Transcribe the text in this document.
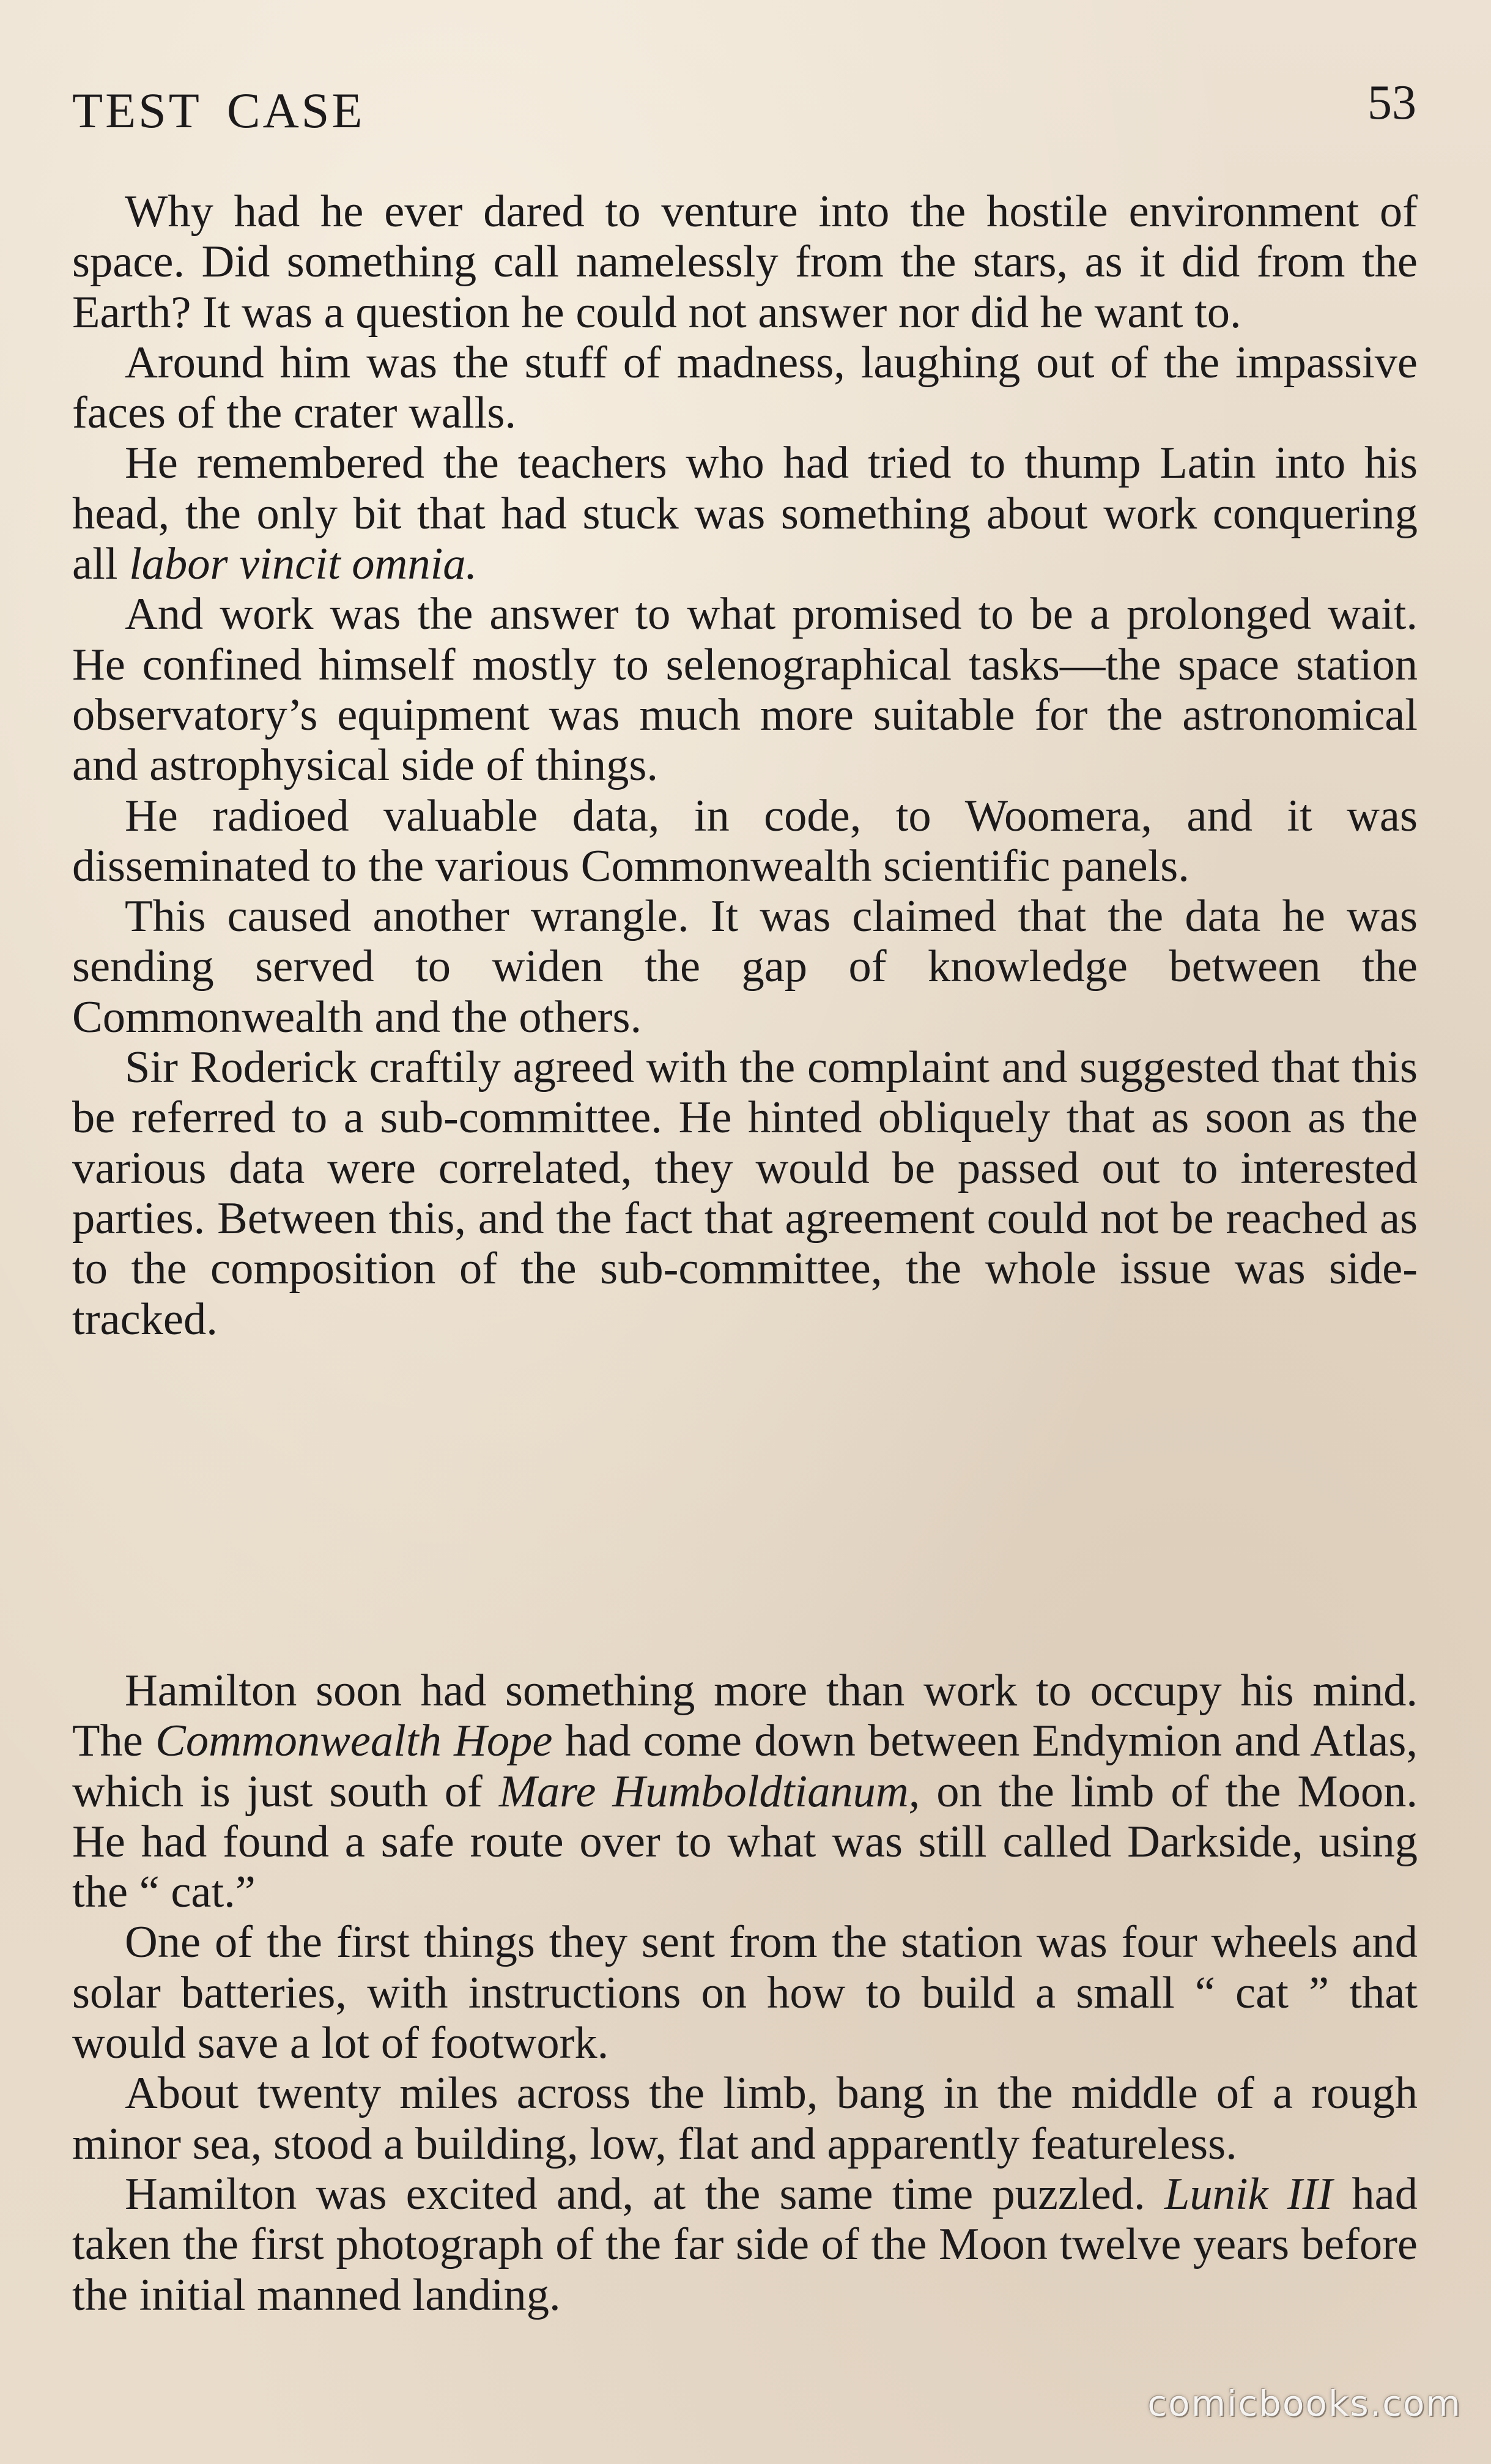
TEST CASE	53

Why had he ever dared to venture into the hostile environment of space. Did something call namelessly from the stars, as it did from the Earth? It was a question he could not answer nor did he want to.

Around him was the stuff of madness, laughing out of the impassive faces of the crater walls.

He remembered the teachers who had tried to thump Latin into his head, the only bit that had stuck was something about work conquering all labor vincit omnia.

And work was the answer to what promised to be a prolonged wait. He confined himself mostly to selenographical tasks—the space station observatory’s equipment was much more suitable for the astronomical and astrophysical side of things.

He radioed valuable data, in code, to Woomera, and it was disseminated to the various Commonwealth scientific panels.

This caused another wrangle. It was claimed that the data he was sending served to widen the gap of knowledge between the Commonwealth and the others.

Sir Roderick craftily agreed with the complaint and suggested that this be referred to a sub-committee. He hinted obliquely that as soon as the various data were correlated, they would be passed out to interested parties. Between this, and the fact that agreement could not be reached as to the composition of the sub-committee, the whole issue was sidetracked.

Hamilton soon had something more than work to occupy his mind. The Commonwealth Hope had come down between Endymion and Atlas, which is just south of Mare Humboldtianum, on the limb of the Moon. He had found a safe route over to what was still called Darkside, using the “ cat.”

One of the first things they sent from the station was four wheels and solar batteries, with instructions on how to build a small “ cat ” that would save a lot of footwork.

About twenty miles across the limb, bang in the middle of a rough minor sea, stood a building, low, flat and apparently featureless.

Hamilton was excited and, at the same time puzzled. Lunik III had taken the first photograph of the far side of the Moon twelve years before the initial manned landing.

comicbooks.com
